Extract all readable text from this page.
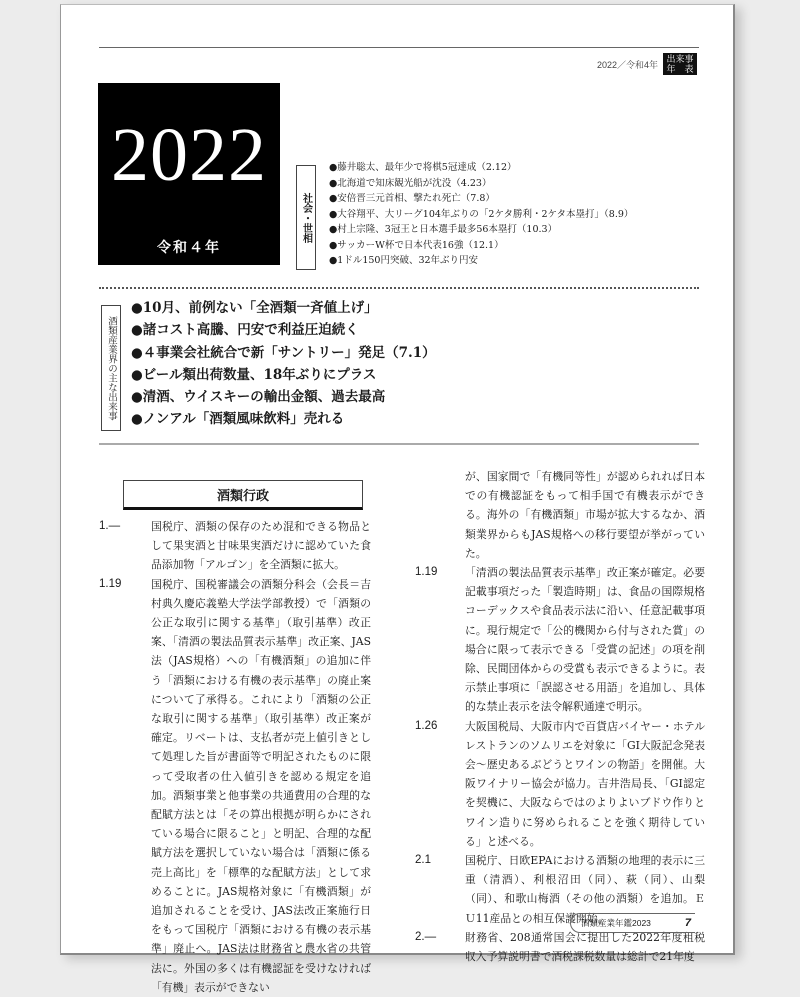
2022／令和4年
出来事
年　表
2022
令和４年
社会・世相
●藤井聡太、最年少で将棋5冠達成（2.12）
●北海道で知床観光船が沈没（4.23）
●安倍晋三元首相、撃たれ死亡（7.8）
●大谷翔平、大リーグ104年ぶりの「2ケタ勝利・2ケタ本塁打」（8.9）
●村上宗隆、3冠王と日本選手最多56本塁打（10.3）
●サッカーW杯で日本代表16強（12.1）
●1ドル150円突破、32年ぶり円安
酒類産業界の主な出来事
●10月、前例ない「全酒類一斉値上げ」
●諸コスト高騰、円安で利益圧迫続く
●４事業会社統合で新「サントリー」発足（7.1）
●ビール類出荷数量、18年ぶりにプラス
●清酒、ウイスキーの輸出金額、過去最高
●ノンアル「酒類風味飲料」売れる
酒類行政
1.―	国税庁、酒類の保存のため混和できる物品として果実酒と甘味果実酒だけに認めていた食品添加物「アルゴン」を全酒類に拡大。
1.19	国税庁、国税審議会の酒類分科会（会長＝吉村典久慶応義塾大学法学部教授）で「酒類の公正な取引に関する基準」（取引基準）改正案、「清酒の製法品質表示基準」改正案、JAS法（JAS規格）への「有機酒類」の追加に伴う「酒類における有機の表示基準」の廃止案について了承得る。これにより「酒類の公正な取引に関する基準」（取引基準）改正案が確定。リベートは、支払者が売上値引きとして処理した旨が書面等で明記されたものに限って受取者の仕入値引きを認める規定を追加。酒類事業と他事業の共通費用の合理的な配賦方法とは「その算出根拠が明らかにされている場合に限ること」と明記、合理的な配賦方法を選択していない場合は「酒類に係る売上高比」を「標準的な配賦方法」として求めることに。JAS規格対象に「有機酒類」が追加されることを受け、JAS法改正案施行日をもって国税庁「酒類における有機の表示基準」廃止へ。JAS法は財務省と農水省の共管法に。外国の多くは有機認証を受けなければ「有機」表示ができない
が、国家間で「有機同等性」が認められれば日本での有機認証をもって相手国で有機表示ができる。海外の「有機酒類」市場が拡大するなか、酒類業界からもJAS規格への移行要望が挙がっていた。
1.19	「清酒の製法品質表示基準」改正案が確定。必要記載事項だった「製造時期」は、食品の国際規格コーデックスや食品表示法に沿い、任意記載事項に。現行規定で「公的機関から付与された賞」の場合に限って表示できる「受賞の記述」の項を削除、民間団体からの受賞も表示できるように。表示禁止事項に「誤認させる用語」を追加し、具体的な禁止表示を法令解釈通達で明示。
1.26	大阪国税局、大阪市内で百貨店バイヤー・ホテルレストランのソムリエを対象に「GI大阪記念発表会～歴史あるぶどうとワインの物語」を開催。大阪ワイナリー協会が協力。吉井浩局長、「GI認定を契機に、大阪ならではのよりよいブドウ作りとワイン造りに努められることを強く期待している」と述べる。
2.1	国税庁、日欧EPAにおける酒類の地理的表示に三重（清酒）、利根沼田（同）、萩（同）、山梨（同）、和歌山梅酒（その他の酒類）を追加。ＥＵ11産品との相互保護開始。
2.―	財務省、208通常国会に提出した2022年度租税収入予算説明書で酒税課税数量は総計で21年度
酒類産業年鑑2023	7
